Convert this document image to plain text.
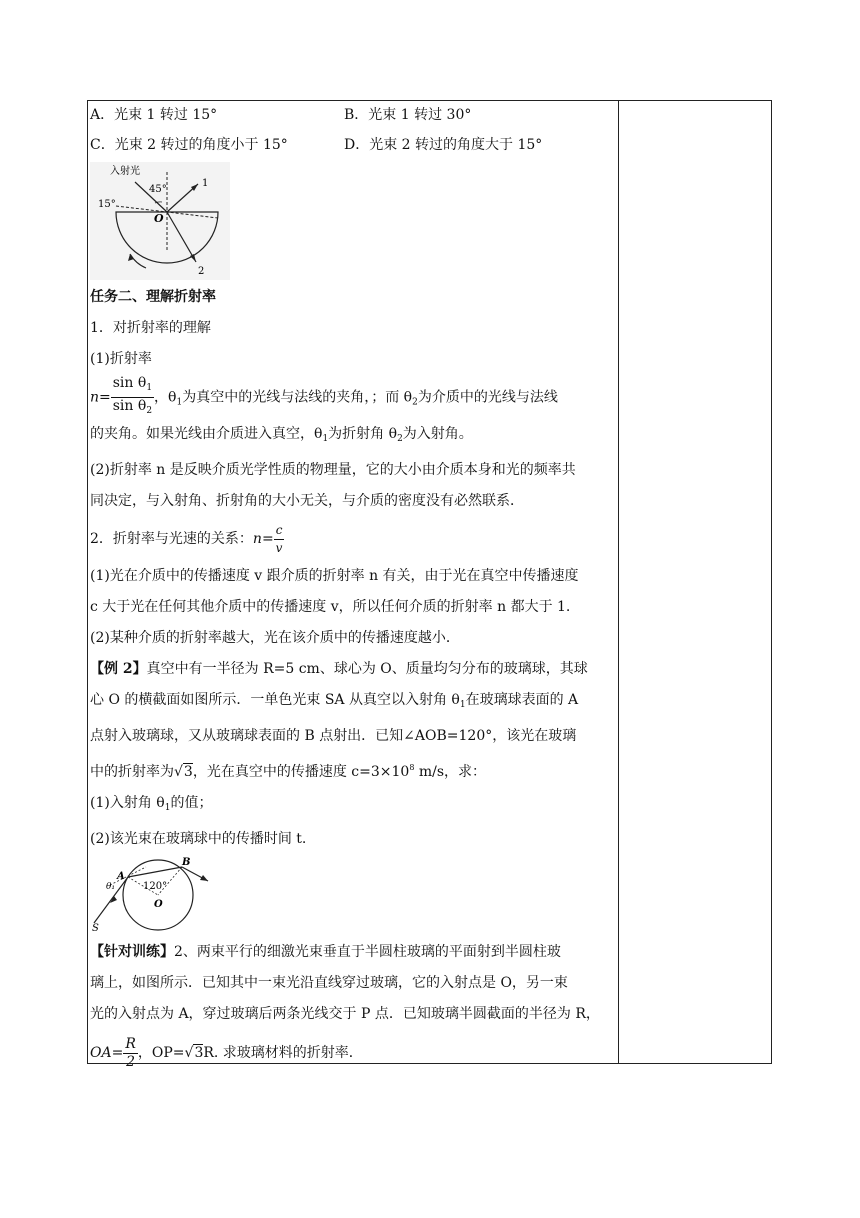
A．光束 1 转过 15°	B．光束 1 转过 30°
C．光束 2 转过的角度小于 15°	D．光束 2 转过的角度大于 15°
入射光
45°
15°
O
1
2
任务二、理解折射率
1．对折射率的理解
(1)折射率
$n= \frac{\sin \theta_1}{\sin \theta_2}$ ，$\theta_1$为真空中的光线与法线的夹角，；而 $\theta_2$为介质中的光线与法线
的夹角。如果光线由介质进入真空，$\theta_1$为折射角 $\theta_2$为入射角。
(2)折射率 n 是反映介质光学性质的物理量，它的大小由介质本身和光的频率共
同决定，与入射角、折射角的大小无关，与介质的密度没有必然联系．
2．折射率与光速的关系：$n= \frac{c}{v}$
(1)光在介质中的传播速度 v 跟介质的折射率 n 有关，由于光在真空中传播速度
c 大于光在任何其他介质中的传播速度 v，所以任何介质的折射率 n 都大于 1.
(2)某种介质的折射率越大，光在该介质中的传播速度越小．
【例 2】真空中有一半径为 R=5 cm、球心为 O、质量均匀分布的玻璃球，其球
心 O 的横截面如图所示．一单色光束 SA 从真空以入射角 $\theta_1$在玻璃球表面的 A
点射入玻璃球，又从玻璃球表面的 B 点射出．已知∠AOB=120°，该光在玻璃
中的折射率为√3，光在真空中的传播速度 $c=3\times 10^8$ m/s，求：
(1)入射角 $\theta_1$的值；
(2)该光束在玻璃球中的传播时间 t.
B
A
θ₁	120°
O
S
【针对训练】2、两束平行的细激光束垂直于半圆柱玻璃的平面射到半圆柱玻
璃上，如图所示．已知其中一束光沿直线穿过玻璃，它的入射点是 O，另一束
光的入射点为 A，穿过玻璃后两条光线交于 P 点．已知玻璃半圆截面的半径为 R，
$OA= \frac{R}{2}$ ，OP=√3R. 求玻璃材料的折射率．
